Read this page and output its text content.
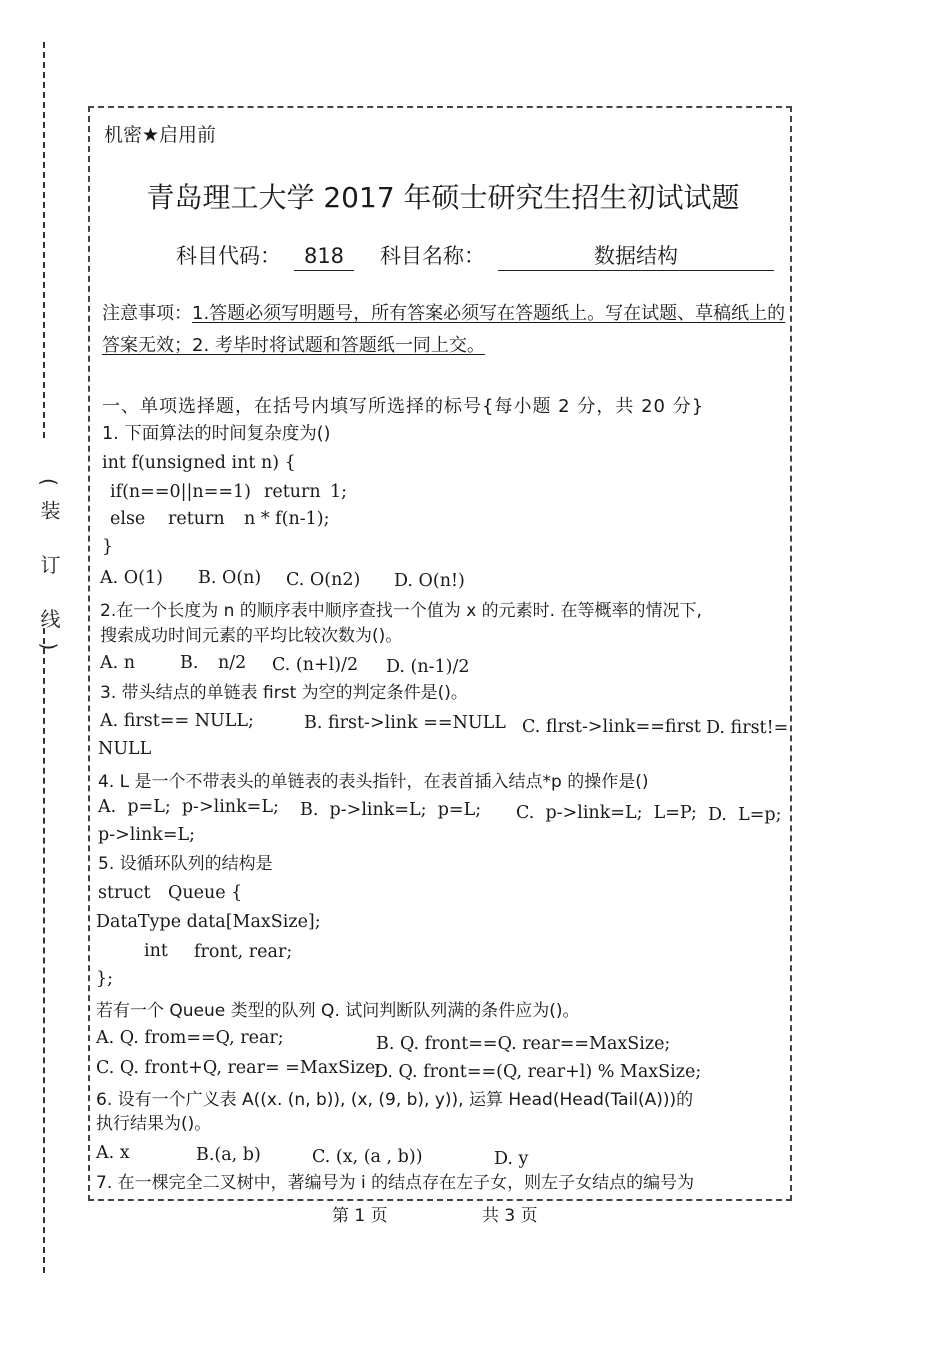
(装 订 线)
机密★启用前
青岛理工大学 2017 年硕士研究生招生初试试题
科目代码：	818	科目名称：	数据结构
注意事项：1.答题必须写明题号，所有答案必须写在答题纸上。写在试题、草稿纸上的答案无效；2. 考毕时将试题和答题纸一同上交。
一、单项选择题，在括号内填写所选择的标号{每小题 2 分，共 20 分}
1. 下面算法的时间复杂度为()
int f(unsigned int n) {
if(n==0||n==1) return 1;
else return n * f(n-1);
}
A. O(1) B. O(n) C. O(n2) D. O(n!)
2.在一个长度为 n 的顺序表中顺序查找一个值为 x 的元素时. 在等概率的情况下,
搜索成功时间元素的平均比较次数为()。
A. n	B. n/2 C. (n+l)/2 D. (n-1)/2
3. 带头结点的单链表 first 为空的判定条件是()。
A. first== NULL;	B. first->link ==NULL C. flrst->link==first D. first!=
NULL
4. L 是一个不带表头的单链表的表头指针，在表首插入结点*p 的操作是()
A.  p=L;  p->link=L; B.  p->link=L;  p=L; C.  p->link=L;  L=P; D.  L=p;
p->link=L;
5. 设循环队列的结构是
struct Queue {
DataType data[MaxSize];
int front, rear;
};
若有一个 Queue 类型的队列 Q. 试问判断队列满的条件应为()。
A. Q. from==Q, rear;	B. Q. front==Q. rear==MaxSize;
C. Q. front+Q, rear= =MaxSize;
D. Q. front==(Q, rear+l) % MaxSize;
6. 设有一个广义表 A((x. (n, b)), (x, (9, b), y)), 运算 Head(Head(Tail(A)))的
执行结果为()。
A. x	B.(a, b)	C. (x, (a , b))	D. y
7. 在一棵完全二叉树中，著编号为 i 的结点存在左子女，则左子女结点的编号为
第 1 页	共 3 页
